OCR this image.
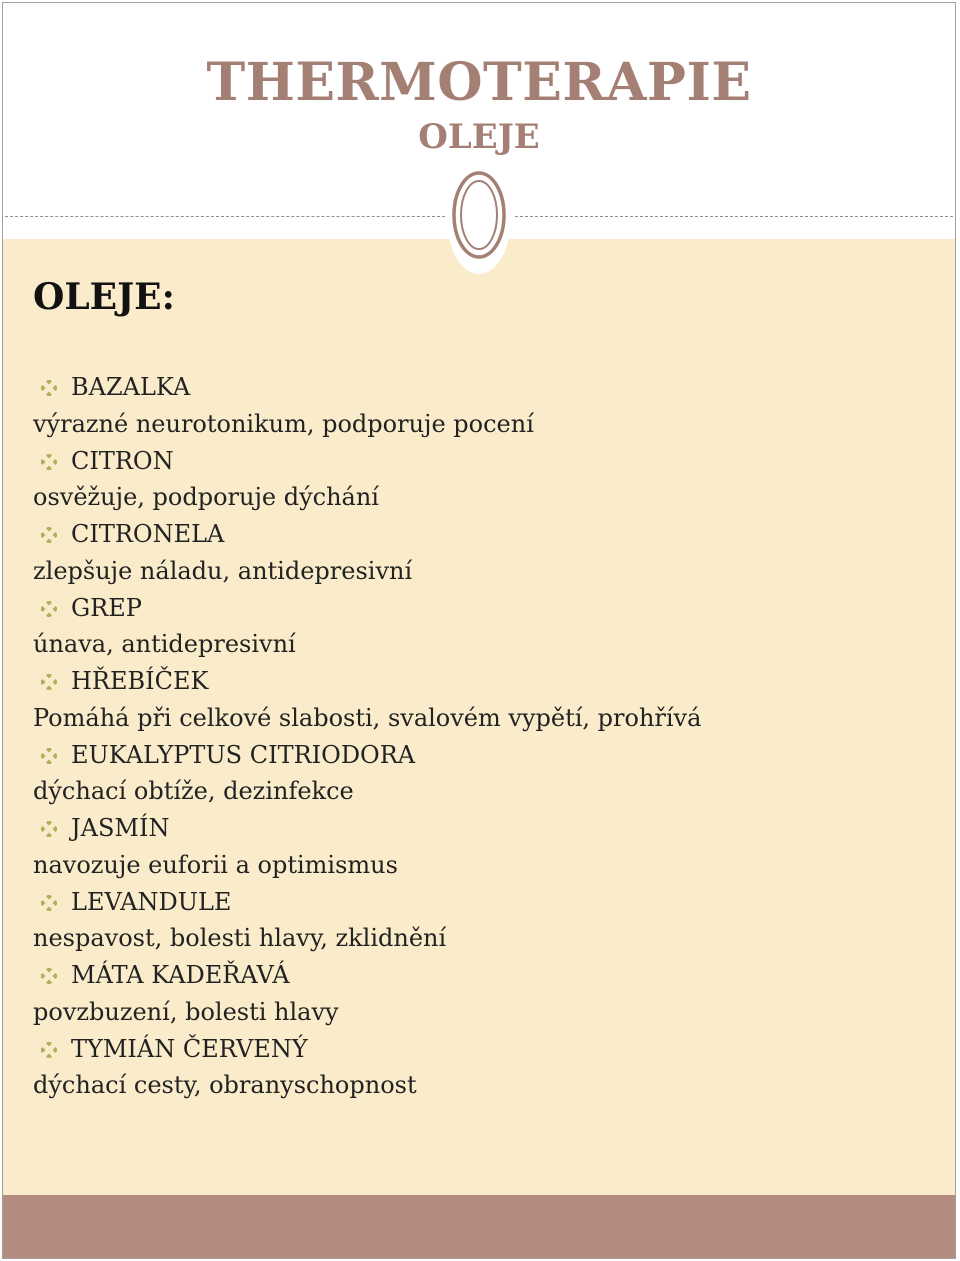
THERMOTERAPIE
OLEJE
OLEJE:
BAZALKA
výrazné neurotonikum, podporuje pocení
CITRON
osvěžuje, podporuje dýchání
CITRONELA
zlepšuje náladu, antidepresivní
GREP
únava, antidepresivní
HŘEBÍČEK
Pomáhá při celkové slabosti, svalovém vypětí, prohřívá
EUKALYPTUS CITRIODORA
dýchací obtíže, dezinfekce
JASMÍN
navozuje euforii a optimismus
LEVANDULE
nespavost, bolesti hlavy, zklidnění
MÁTA KADEŘAVÁ
povzbuzení, bolesti hlavy
TYMIÁN ČERVENÝ
dýchací cesty, obranyschopnost
